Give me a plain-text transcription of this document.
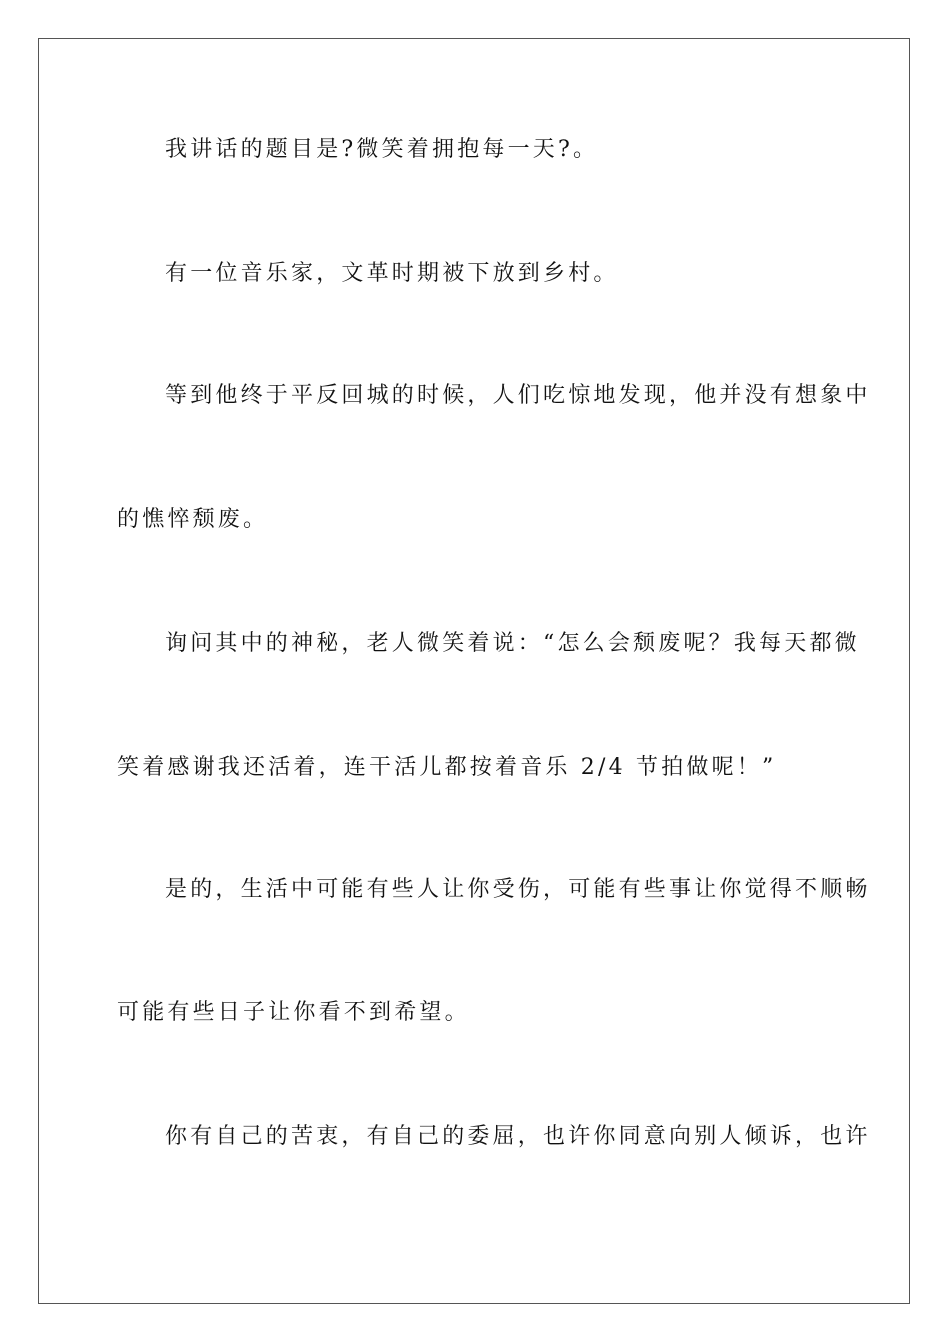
我讲话的题目是?微笑着拥抱每一天?。

有一位音乐家，文革时期被下放到乡村。

等到他终于平反回城的时候，人们吃惊地发现，他并没有想象中

的憔悴颓废。

询问其中的神秘，老人微笑着说：“怎么会颓废呢？我每天都微

笑着感谢我还活着，连干活儿都按着音乐 2/4 节拍做呢！”

是的，生活中可能有些人让你受伤，可能有些事让你觉得不顺畅

可能有些日子让你看不到希望。

你有自己的苦衷，有自己的委屈，也许你同意向别人倾诉，也许
